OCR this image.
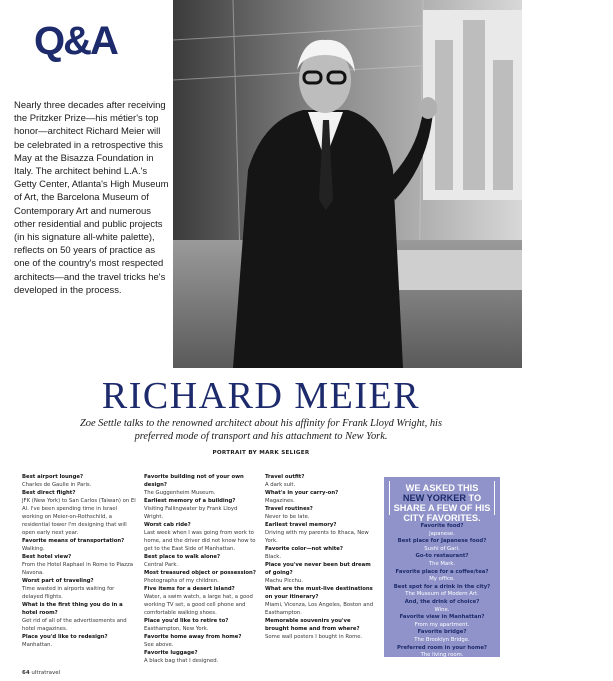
Q&A
Richard Meier in his New York office.
Nearly three decades after receiving the Pritzker Prize—his métier's top honor—architect Richard Meier will be celebrated in a retrospective this May at the Bisazza Foundation in Italy. The architect behind L.A.'s Getty Center, Atlanta's High Museum of Art, the Barcelona Museum of Contemporary Art and numerous other residential and public projects (in his signature all-white palette), reflects on 50 years of practice as one of the country's most respected architects—and the travel tricks he's developed in the process.
RICHARD MEIER
Zoe Settle talks to the renowned architect about his affinity for Frank Lloyd Wright, his preferred mode of transport and his attachment to New York.
PORTRAIT BY MARK SELIGER
Best airport lounge?
Charles de Gaulle in Paris.
Best direct flight?
JFK (New York) to San Carlos (Taiwan) on El Al. I've been spending time in Israel working on Meier-on-Rothschild, a residential tower I'm designing that will open early next year.
Favorite means of transportation?
Walking.
Best hotel view?
From the Hotel Raphael in Rome to Piazza Navona.
Worst part of traveling?
Time wasted in airports waiting for delayed flights.
What is the first thing you do in a hotel room?
Get rid of all of the advertisements and hotel magazines.
Place you'd like to redesign?
Manhattan.
Favorite building not of your own design?
The Guggenheim Museum.
Earliest memory of a building?
Visiting Fallingwater by Frank Lloyd Wright.
Worst cab ride?
Last week when I was going from work to home, and the driver did not know how to get to the East Side of Manhattan.
Best place to walk alone?
Central Park.
Most treasured object or possession?
Photographs of my children.
Five items for a desert island?
Water, a swim watch, a large hat, a good working TV set, a good cell phone and comfortable walking shoes.
Place you'd like to retire to?
Easthampton, New York.
Favorite home away from home?
See above.
Favorite luggage?
A black bag that I designed.
Travel outfit?
A dark suit.
What's in your carry-on?
Magazines.
Travel routines?
Never to be late.
Earliest travel memory?
Driving with my parents to Ithaca, New York.
Favorite color—not white?
Black.
Place you've never been but dream of going?
Machu Picchu.
What are the must-live destinations on your itinerary?
Miami, Vicenza, Los Angeles, Boston and Easthampton.
Memorable souvenirs you've brought home and from where?
Some wall posters I bought in Rome.
WE ASKED THIS
NEW YORKER TO
SHARE A FEW OF HIS
CITY FAVORITES.
Favorite food?
Japanese.
Best place for Japanese food?
Sushi of Gari.
Go-to restaurant?
The Mark.
Favorite place for a coffee/tea?
My office.
Best spot for a drink in the city?
The Museum of Modern Art.
And, the drink of choice?
Wine.
Favorite view in Manhattan?
From my apartment.
Favorite bridge?
The Brooklyn Bridge.
Preferred room in your home?
The living room.
64 ultratravel
